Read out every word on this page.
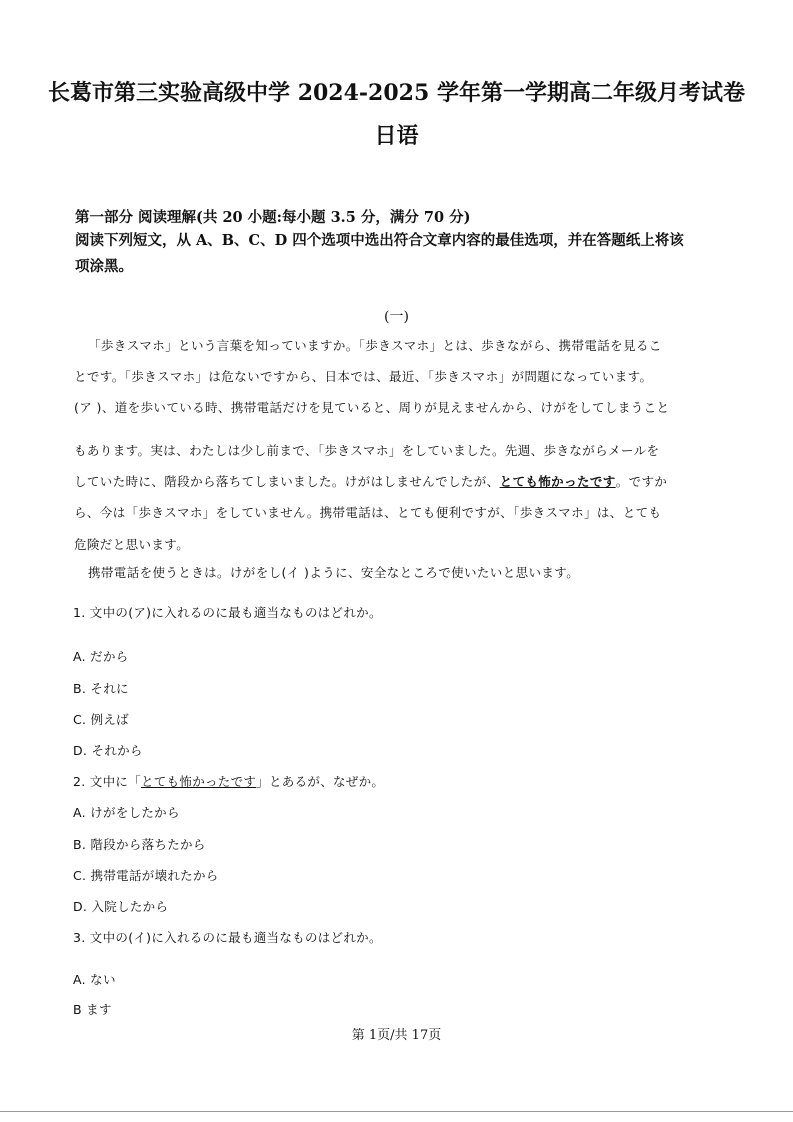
长葛市第三实验高级中学 2024-2025 学年第一学期高二年级月考试卷
日语
第一部分 阅读理解(共 20 小题:每小题 3.5 分，满分 70 分)
阅读下列短文，从 A、B、C、D 四个选项中选出符合文章内容的最佳选项，并在答题纸上将该
项涂黑。
(一)
「歩きスマホ」という言葉を知っていますか。「歩きスマホ」とは、歩きながら、携帯電話を見るこ
とです。「歩きスマホ」は危ないですから、日本では、最近、「歩きスマホ」が問題になっています。
(ア )、道を歩いている時、携帯電話だけを見ていると、周りが見えませんから、けがをしてしまうこと
もあります。実は、わたしは少し前まで、「歩きスマホ」をしていました。先週、歩きながらメールを
していた時に、階段から落ちてしまいました。けがはしませんでしたが、とても怖かったです。ですか
ら、今は「歩きスマホ」をしていません。携帯電話は、とても便利ですが、「歩きスマホ」は、とても
危険だと思います。
携帯電話を使うときは。けがをし(イ )ように、安全なところで使いたいと思います。
1. 文中の(ア)に入れるのに最も適当なものはどれか。
A. だから
B. それに
C. 例えば
D. それから
2. 文中に「とても怖かったです」とあるが、なぜか。
A. けがをしたから
B. 階段から落ちたから
C. 携帯電話が壊れたから
D. 入院したから
3. 文中の(イ)に入れるのに最も適当なものはどれか。
A. ない
B ます
第 1页/共 17页
